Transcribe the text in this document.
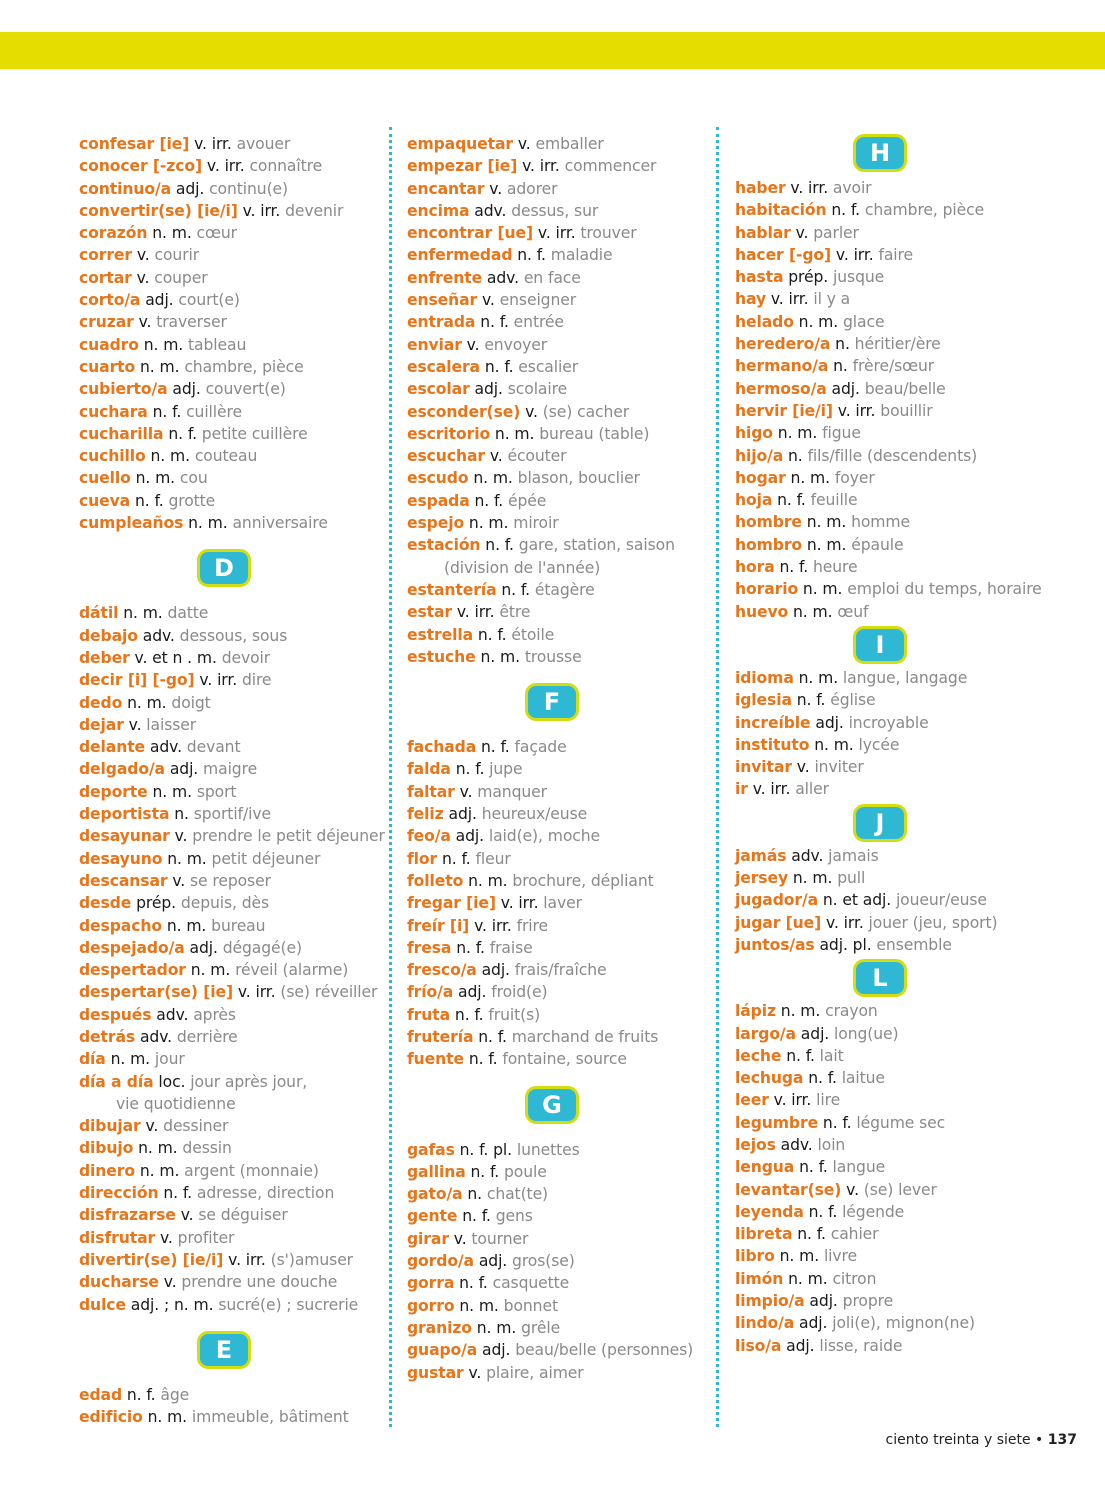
confesar [ie] v. irr. avouer
conocer [-zco] v. irr. connaître
continuo/a adj. continu(e)
convertir(se) [ie/i] v. irr. devenir
corazón n. m. cœur
correr v. courir
cortar v. couper
corto/a adj. court(e)
cruzar v. traverser
cuadro n. m. tableau
cuarto n. m. chambre, pièce
cubierto/a adj. couvert(e)
cuchara n. f. cuillère
cucharilla n. f. petite cuillère
cuchillo n. m. couteau
cuello n. m. cou
cueva n. f. grotte
cumpleaños n. m. anniversaire
D
dátil n. m. datte
debajo adv. dessous, sous
deber v. et n . m. devoir
decir [i] [-go] v. irr. dire
dedo n. m. doigt
dejar v. laisser
delante adv. devant
delgado/a adj. maigre
deporte n. m. sport
deportista n. sportif/ive
desayunar v. prendre le petit déjeuner
desayuno n. m. petit déjeuner
descansar v. se reposer
desde prép. depuis, dès
despacho n. m. bureau
despejado/a adj. dégagé(e)
despertador n. m. réveil (alarme)
despertar(se) [ie] v. irr. (se) réveiller
después adv. après
detrás adv. derrière
día n. m. jour
día a día loc. jour après jour,
vie quotidienne
dibujar v. dessiner
dibujo n. m. dessin
dinero n. m. argent (monnaie)
dirección n. f. adresse, direction
disfrazarse v. se déguiser
disfrutar v. profiter
divertir(se) [ie/i] v. irr. (s')amuser
ducharse v. prendre une douche
dulce adj. ; n. m. sucré(e) ; sucrerie
E
edad n. f. âge
edificio n. m. immeuble, bâtiment
empaquetar v. emballer
empezar [ie] v. irr. commencer
encantar v. adorer
encima adv. dessus, sur
encontrar [ue] v. irr. trouver
enfermedad n. f. maladie
enfrente adv. en face
enseñar v. enseigner
entrada n. f. entrée
enviar v. envoyer
escalera n. f. escalier
escolar adj. scolaire
esconder(se) v. (se) cacher
escritorio n. m. bureau (table)
escuchar v. écouter
escudo n. m. blason, bouclier
espada n. f. épée
espejo n. m. miroir
estación n. f. gare, station, saison
(division de l'année)
estantería n. f. étagère
estar v. irr. être
estrella n. f. étoile
estuche n. m. trousse
F
fachada n. f. façade
falda n. f. jupe
faltar v. manquer
feliz adj. heureux/euse
feo/a adj. laid(e), moche
flor n. f. fleur
folleto n. m. brochure, dépliant
fregar [ie] v. irr. laver
freír [i] v. irr. frire
fresa n. f. fraise
fresco/a adj. frais/fraîche
frío/a adj. froid(e)
fruta n. f. fruit(s)
frutería n. f. marchand de fruits
fuente n. f. fontaine, source
G
gafas n. f. pl. lunettes
gallina n. f. poule
gato/a n. chat(te)
gente n. f. gens
girar v. tourner
gordo/a adj. gros(se)
gorra n. f. casquette
gorro n. m. bonnet
granizo n. m. grêle
guapo/a adj. beau/belle (personnes)
gustar v. plaire, aimer
H
haber v. irr. avoir
habitación n. f. chambre, pièce
hablar v. parler
hacer [-go] v. irr. faire
hasta prép. jusque
hay v. irr. il y a
helado n. m. glace
heredero/a n. héritier/ère
hermano/a n. frère/sœur
hermoso/a adj. beau/belle
hervir [ie/i] v. irr. bouillir
higo n. m. figue
hijo/a n. fils/fille (descendents)
hogar n. m. foyer
hoja n. f. feuille
hombre n. m. homme
hombro n. m. épaule
hora n. f. heure
horario n. m. emploi du temps, horaire
huevo n. m. œuf
I
idioma n. m. langue, langage
iglesia n. f. église
increíble adj. incroyable
instituto n. m. lycée
invitar v. inviter
ir v. irr. aller
J
jamás adv. jamais
jersey n. m. pull
jugador/a n. et adj. joueur/euse
jugar [ue] v. irr. jouer (jeu, sport)
juntos/as adj. pl. ensemble
L
lápiz n. m. crayon
largo/a adj. long(ue)
leche n. f. lait
lechuga n. f. laitue
leer v. irr. lire
legumbre n. f. légume sec
lejos adv. loin
lengua n. f. langue
levantar(se) v. (se) lever
leyenda n. f. légende
libreta n. f. cahier
libro n. m. livre
limón n. m. citron
limpio/a adj. propre
lindo/a adj. joli(e), mignon(ne)
liso/a adj. lisse, raide
ciento treinta y siete • 137
